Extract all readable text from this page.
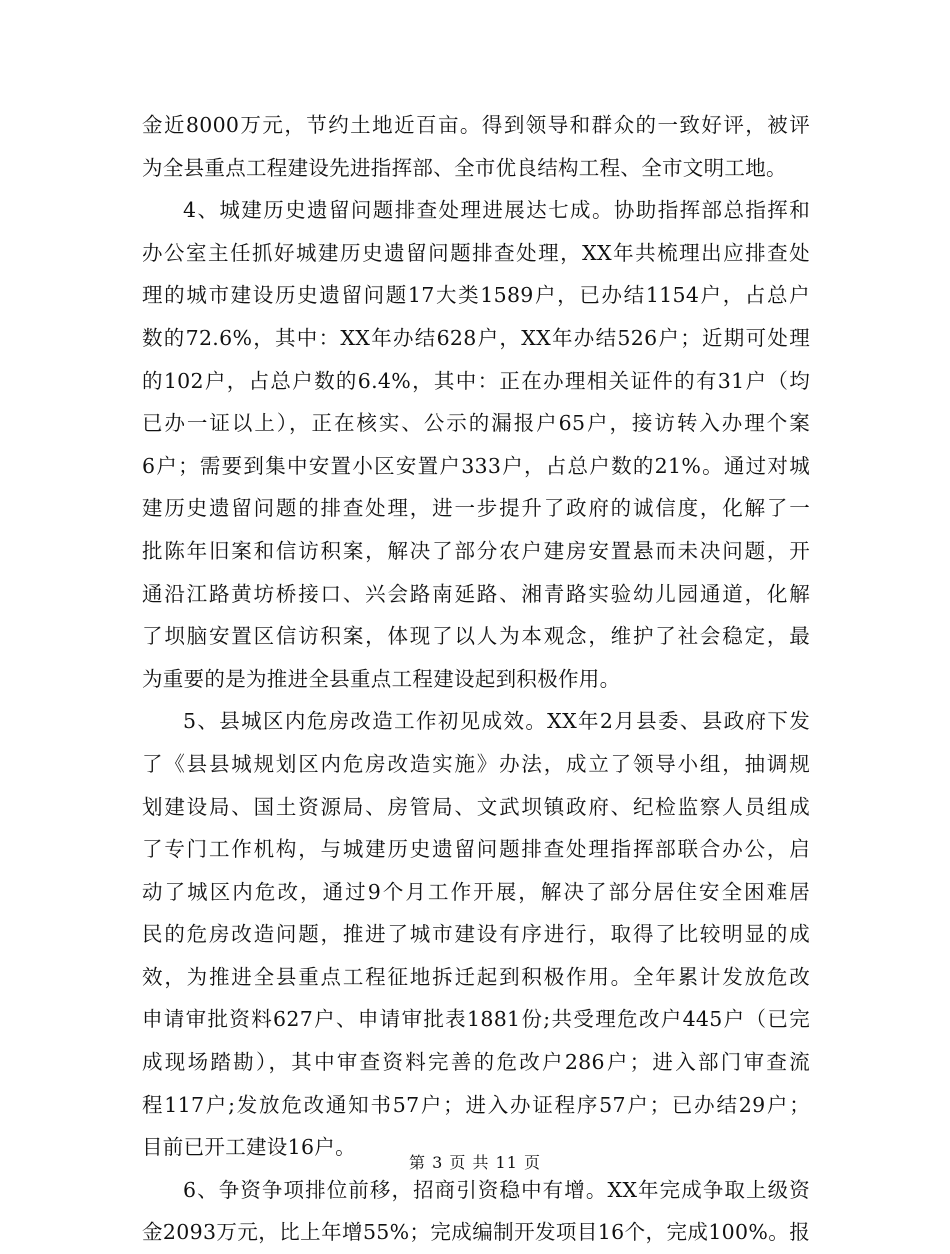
金近8000万元，节约土地近百亩。得到领导和群众的一致好评，被评
为全县重点工程建设先进指挥部、全市优良结构工程、全市文明工地。
4、城建历史遗留问题排查处理进展达七成。协助指挥部总指挥和
办公室主任抓好城建历史遗留问题排查处理，XX年共梳理出应排查处
理的城市建设历史遗留问题17大类1589户，已办结1154户，占总户
数的72.6%，其中：XX年办结628户，XX年办结526户；近期可处理
的102户，占总户数的6.4%，其中：正在办理相关证件的有31户（均
已办一证以上），正在核实、公示的漏报户65户，接访转入办理个案
6户；需要到集中安置小区安置户333户，占总户数的21%。通过对城
建历史遗留问题的排查处理，进一步提升了政府的诚信度，化解了一
批陈年旧案和信访积案，解决了部分农户建房安置悬而未决问题，开
通沿江路黄坊桥接口、兴会路南延路、湘青路实验幼儿园通道，化解
了坝脑安置区信访积案，体现了以人为本观念，维护了社会稳定，最
为重要的是为推进全县重点工程建设起到积极作用。
5、县城区内危房改造工作初见成效。XX年2月县委、县政府下发
了《县县城规划区内危房改造实施》办法，成立了领导小组，抽调规
划建设局、国土资源局、房管局、文武坝镇政府、纪检监察人员组成
了专门工作机构，与城建历史遗留问题排查处理指挥部联合办公，启
动了城区内危改，通过9个月工作开展，解决了部分居住安全困难居
民的危房改造问题，推进了城市建设有序进行，取得了比较明显的成
效，为推进全县重点工程征地拆迁起到积极作用。全年累计发放危改
申请审批资料627户、申请审批表1881份;共受理危改户445户（已完
成现场踏勘），其中审查资料完善的危改户286户；进入部门审查流
程117户;发放危改通知书57户；进入办证程序57户；已办结29户；
目前已开工建设16户。
6、争资争项排位前移，招商引资稳中有增。XX年完成争取上级资
金2093万元，比上年增55%；完成编制开发项目16个，完成100%。报
第 3 页 共 11 页
